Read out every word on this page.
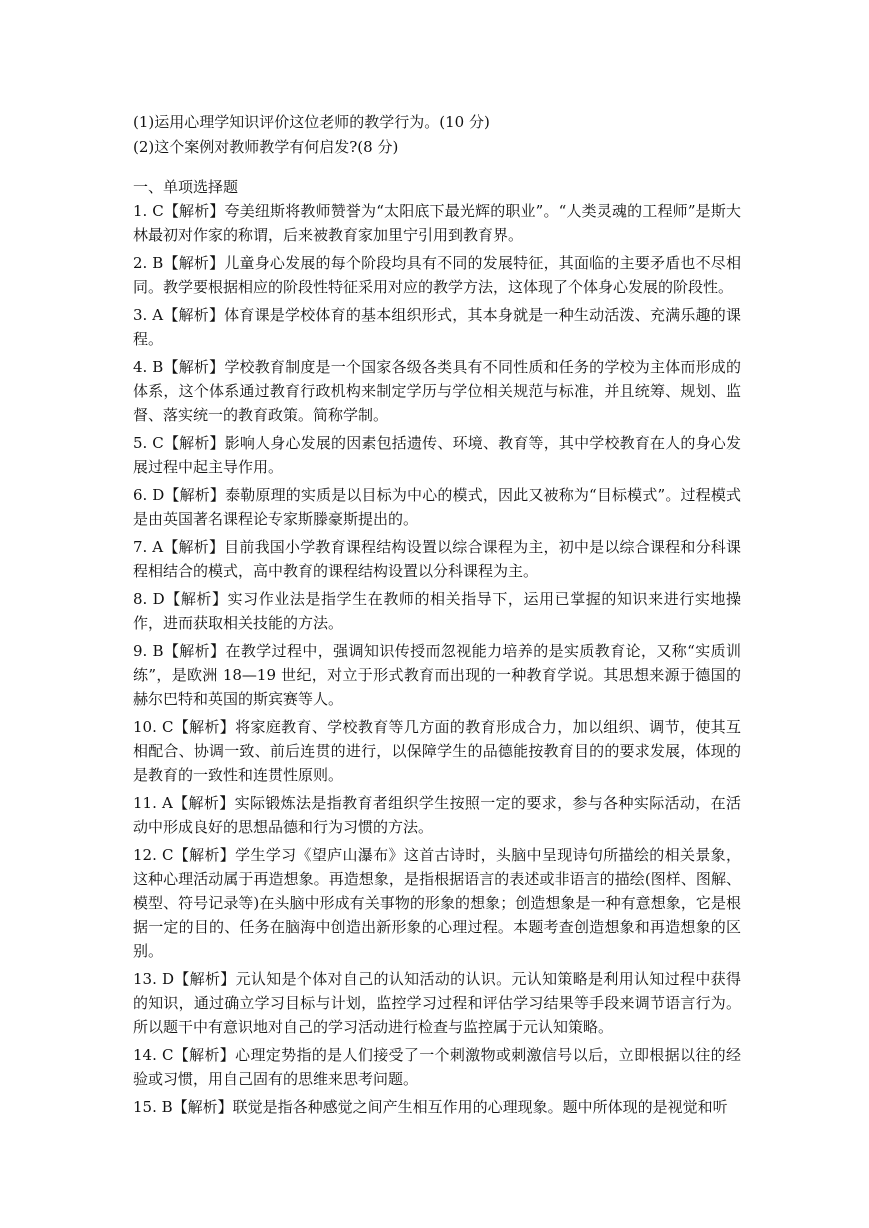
(1)运用心理学知识评价这位老师的教学行为。(10 分)

(2)这个案例对教师教学有何启发?(8 分)

一、单项选择题

1. C【解析】夸美纽斯将教师赞誉为“太阳底下最光辉的职业”。“人类灵魂的工程师”是斯大林最初对作家的称谓，后来被教育家加里宁引用到教育界。

2. B【解析】儿童身心发展的每个阶段均具有不同的发展特征，其面临的主要矛盾也不尽相同。教学要根据相应的阶段性特征采用对应的教学方法，这体现了个体身心发展的阶段性。

3. A【解析】体育课是学校体育的基本组织形式，其本身就是一种生动活泼、充满乐趣的课程。

4. B【解析】学校教育制度是一个国家各级各类具有不同性质和任务的学校为主体而形成的体系，这个体系通过教育行政机构来制定学历与学位相关规范与标准，并且统筹、规划、监督、落实统一的教育政策。简称学制。

5. C【解析】影响人身心发展的因素包括遗传、环境、教育等，其中学校教育在人的身心发展过程中起主导作用。

6. D【解析】泰勒原理的实质是以目标为中心的模式，因此又被称为“目标模式”。过程模式是由英国著名课程论专家斯滕豪斯提出的。

7. A【解析】目前我国小学教育课程结构设置以综合课程为主，初中是以综合课程和分科课程相结合的模式，高中教育的课程结构设置以分科课程为主。

8. D【解析】实习作业法是指学生在教师的相关指导下，运用已掌握的知识来进行实地操作，进而获取相关技能的方法。

9. B【解析】在教学过程中，强调知识传授而忽视能力培养的是实质教育论，又称“实质训练”，是欧洲 18—19 世纪，对立于形式教育而出现的一种教育学说。其思想来源于德国的赫尔巴特和英国的斯宾赛等人。

10. C【解析】将家庭教育、学校教育等几方面的教育形成合力，加以组织、调节，使其互相配合、协调一致、前后连贯的进行，以保障学生的品德能按教育目的的要求发展，体现的是教育的一致性和连贯性原则。

11. A【解析】实际锻炼法是指教育者组织学生按照一定的要求，参与各种实际活动，在活动中形成良好的思想品德和行为习惯的方法。

12. C【解析】学生学习《望庐山瀑布》这首古诗时，头脑中呈现诗句所描绘的相关景象，这种心理活动属于再造想象。再造想象，是指根据语言的表述或非语言的描绘(图样、图解、模型、符号记录等)在头脑中形成有关事物的形象的想象；创造想象是一种有意想象，它是根据一定的目的、任务在脑海中创造出新形象的心理过程。本题考查创造想象和再造想象的区别。

13. D【解析】元认知是个体对自己的认知活动的认识。元认知策略是利用认知过程中获得的知识，通过确立学习目标与计划，监控学习过程和评估学习结果等手段来调节语言行为。所以题干中有意识地对自己的学习活动进行检查与监控属于元认知策略。

14. C【解析】心理定势指的是人们接受了一个刺激物或刺激信号以后，立即根据以往的经验或习惯，用自己固有的思维来思考问题。

15. B【解析】联觉是指各种感觉之间产生相互作用的心理现象。题中所体现的是视觉和听
